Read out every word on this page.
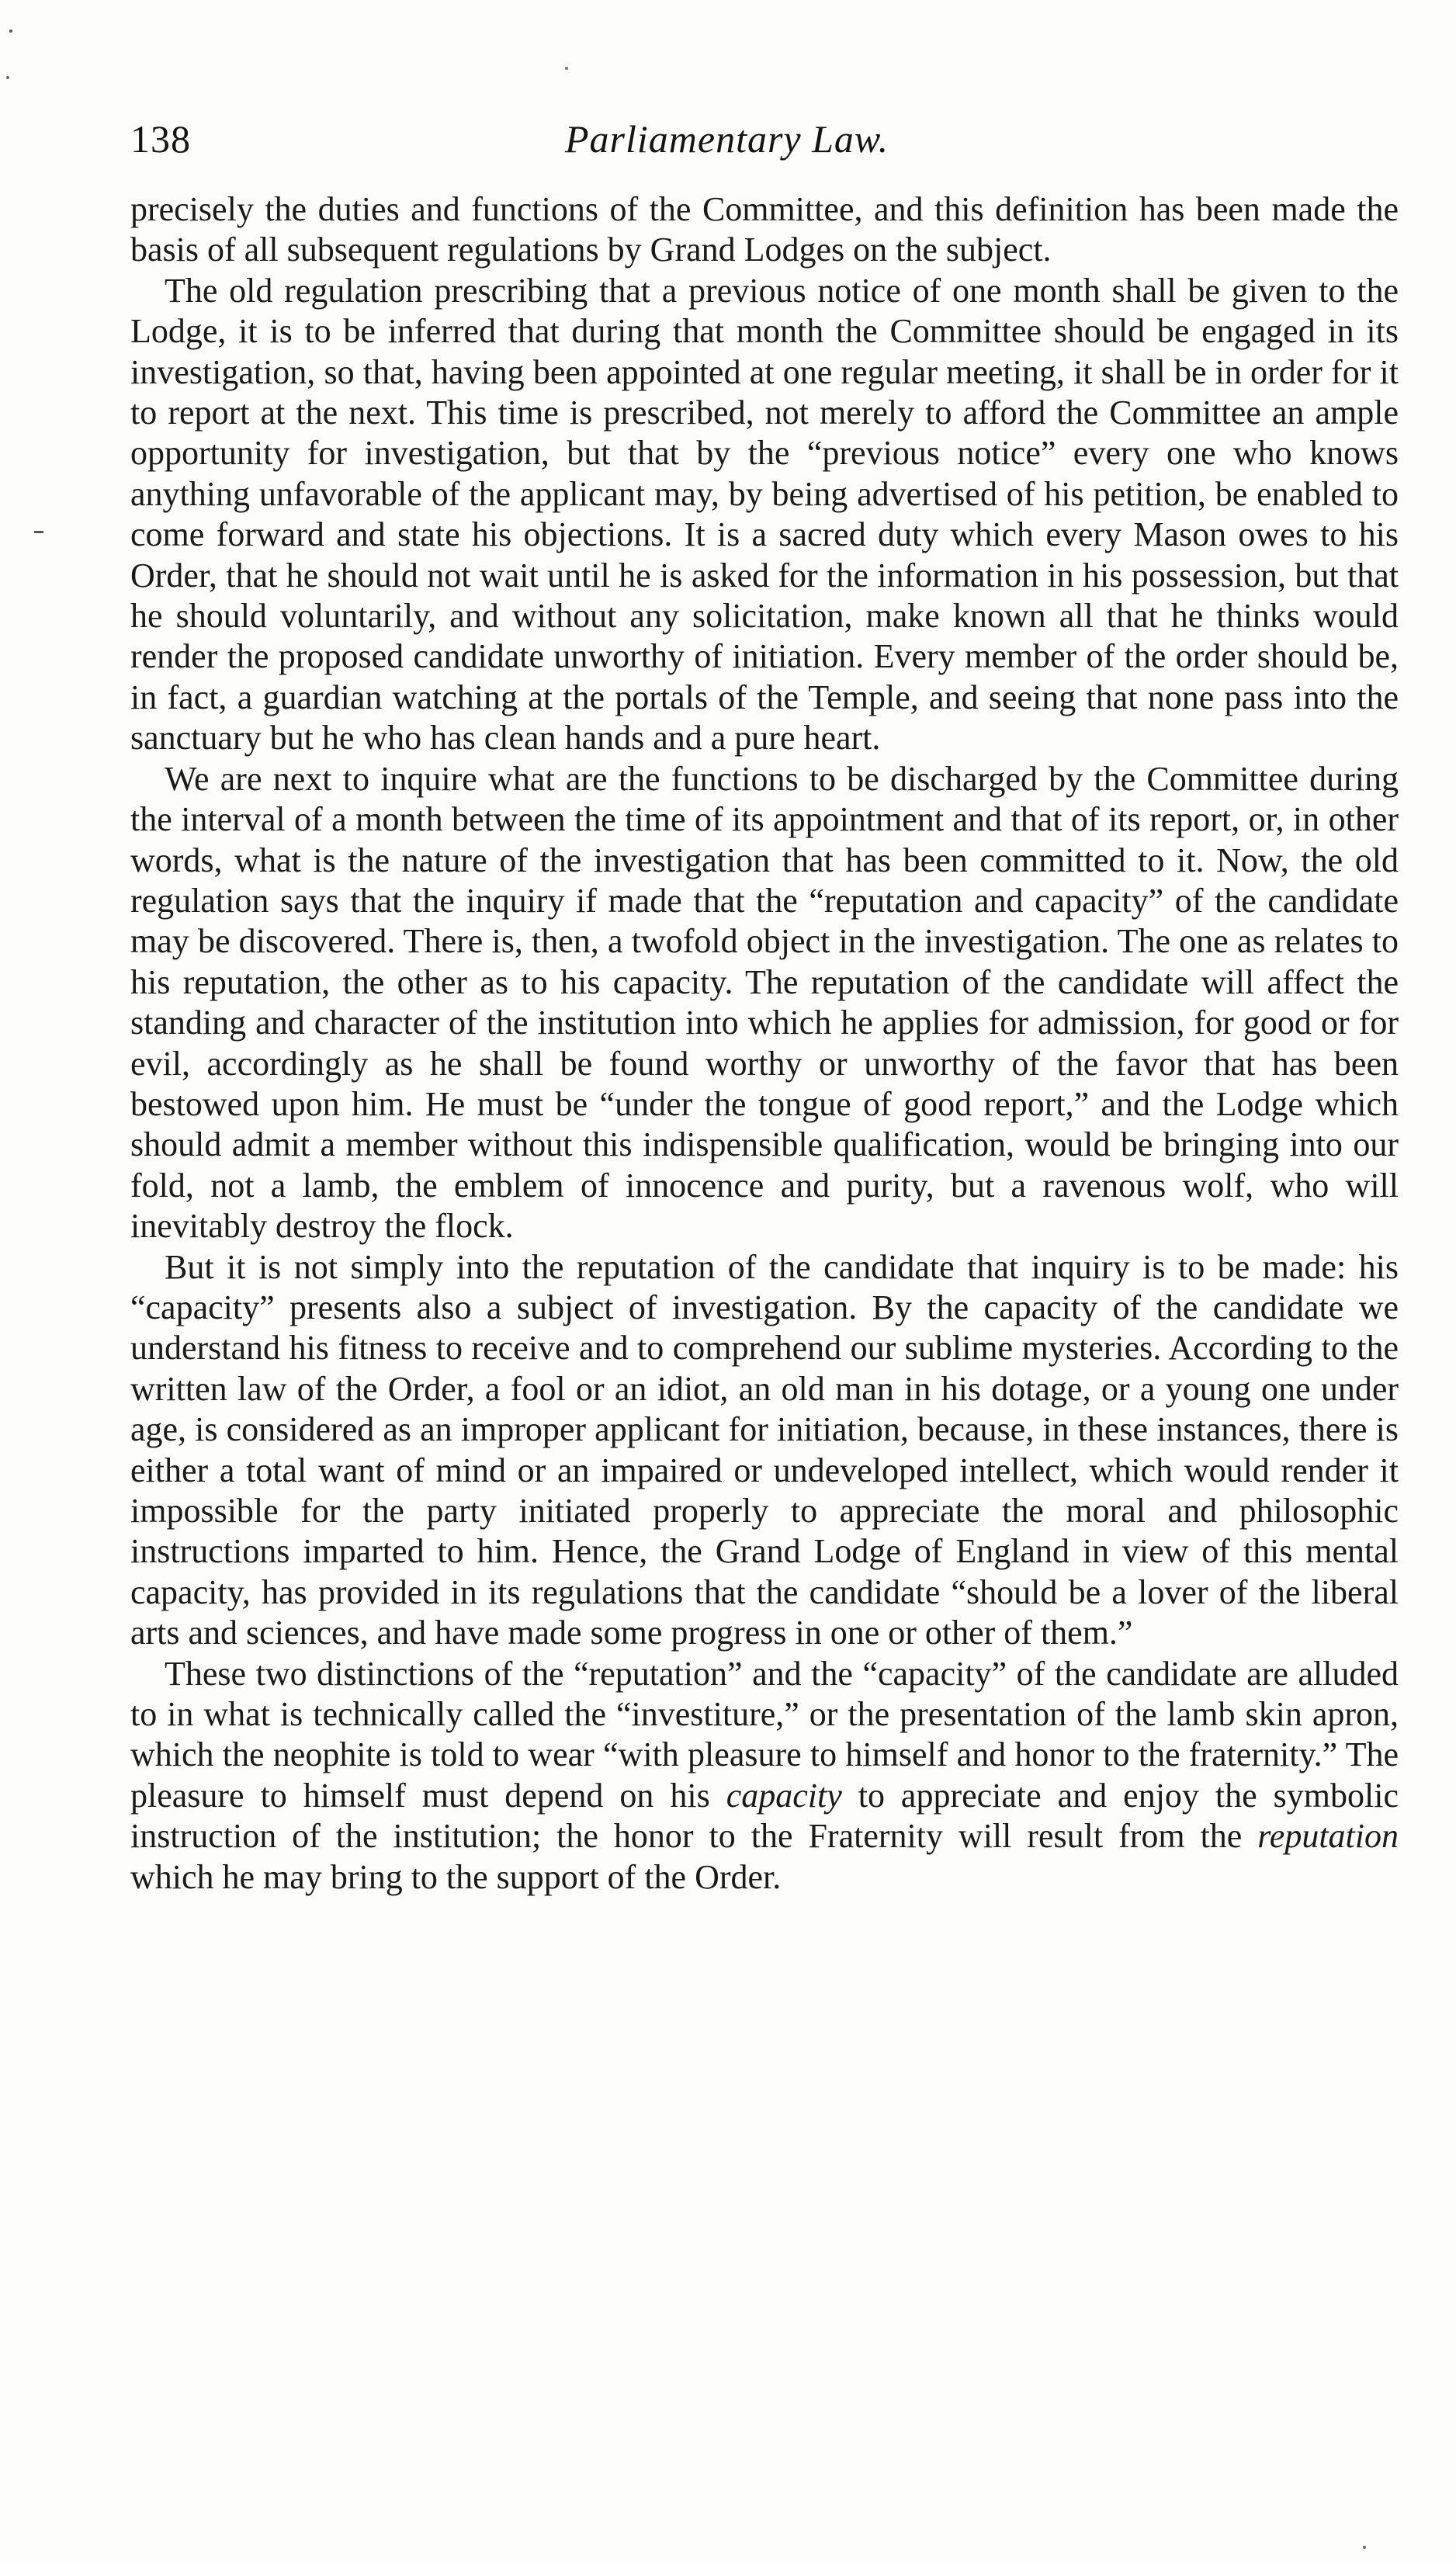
138	Parliamentary Law.

precisely the duties and functions of the Committee, and this definition has been made the basis of all subsequent regulations by Grand Lodges on the subject.

The old regulation prescribing that a previous notice of one month shall be given to the Lodge, it is to be inferred that during that month the Committee should be engaged in its investigation, so that, having been appointed at one regular meeting, it shall be in order for it to report at the next. This time is prescribed, not merely to afford the Committee an ample opportunity for investigation, but that by the “previous notice” every one who knows anything unfavorable of the applicant may, by being advertised of his petition, be enabled to come forward and state his objections. It is a sacred duty which every Mason owes to his Order, that he should not wait until he is asked for the information in his possession, but that he should voluntarily, and without any solicitation, make known all that he thinks would render the proposed candidate unworthy of initiation. Every member of the order should be, in fact, a guardian watching at the portals of the Temple, and seeing that none pass into the sanctuary but he who has clean hands and a pure heart.

We are next to inquire what are the functions to be discharged by the Committee during the interval of a month between the time of its appointment and that of its report, or, in other words, what is the nature of the investigation that has been committed to it. Now, the old regulation says that the inquiry if made that the “reputation and capacity” of the candidate may be discovered. There is, then, a twofold object in the investigation. The one as relates to his reputation, the other as to his capacity. The reputation of the candidate will affect the standing and character of the institution into which he applies for admission, for good or for evil, accordingly as he shall be found worthy or unworthy of the favor that has been bestowed upon him. He must be “under the tongue of good report,” and the Lodge which should admit a member without this indispensible qualification, would be bringing into our fold, not a lamb, the emblem of innocence and purity, but a ravenous wolf, who will inevitably destroy the flock.

But it is not simply into the reputation of the candidate that inquiry is to be made: his “capacity” presents also a subject of investigation. By the capacity of the candidate we understand his fitness to receive and to comprehend our sublime mysteries. According to the written law of the Order, a fool or an idiot, an old man in his dotage, or a young one under age, is considered as an improper applicant for initiation, because, in these instances, there is either a total want of mind or an impaired or undeveloped intellect, which would render it impossible for the party initiated properly to appreciate the moral and philosophic instructions imparted to him. Hence, the Grand Lodge of England in view of this mental capacity, has provided in its regulations that the candidate “should be a lover of the liberal arts and sciences, and have made some progress in one or other of them.”

These two distinctions of the “reputation” and the “capacity” of the candidate are alluded to in what is technically called the “investiture,” or the presentation of the lamb skin apron, which the neophite is told to wear “with pleasure to himself and honor to the fraternity.” The pleasure to himself must depend on his capacity to appreciate and enjoy the symbolic instruction of the institution; the honor to the Fraternity will result from the reputation which he may bring to the support of the Order.
